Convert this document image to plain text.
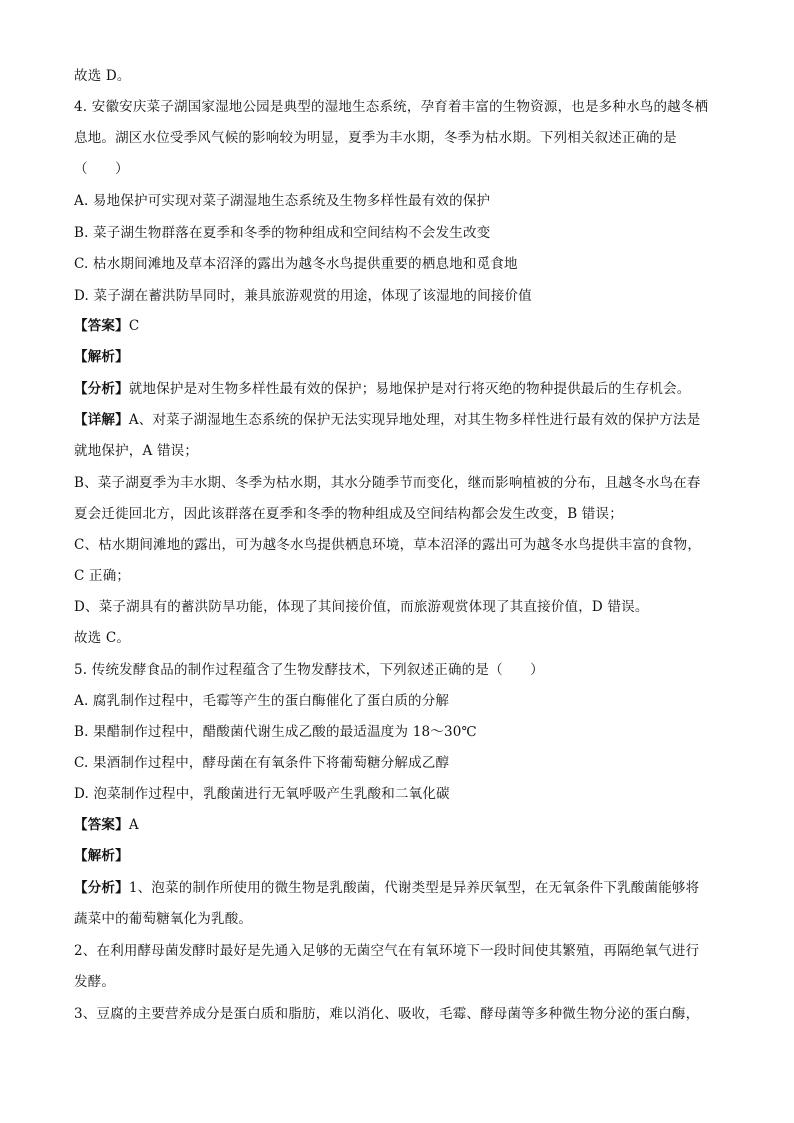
故选 D。
4. 安徽安庆菜子湖国家湿地公园是典型的湿地生态系统，孕育着丰富的生物资源，也是多种水鸟的越冬栖
息地。湖区水位受季风气候的影响较为明显，夏季为丰水期，冬季为枯水期。下列相关叙述正确的是
（　　）
A. 易地保护可实现对菜子湖湿地生态系统及生物多样性最有效的保护
B. 菜子湖生物群落在夏季和冬季的物种组成和空间结构不会发生改变
C. 枯水期间滩地及草本沼泽的露出为越冬水鸟提供重要的栖息地和觅食地
D. 菜子湖在蓄洪防旱同时，兼具旅游观赏的用途，体现了该湿地的间接价值
【答案】C
【解析】
【分析】就地保护是对生物多样性最有效的保护；易地保护是对行将灭绝的物种提供最后的生存机会。
【详解】A、对菜子湖湿地生态系统的保护无法实现异地处理，对其生物多样性进行最有效的保护方法是
就地保护，A 错误；
B、菜子湖夏季为丰水期、冬季为枯水期，其水分随季节而变化，继而影响植被的分布，且越冬水鸟在春
夏会迁徙回北方，因此该群落在夏季和冬季的物种组成及空间结构都会发生改变，B 错误；
C、枯水期间滩地的露出，可为越冬水鸟提供栖息环境，草本沼泽的露出可为越冬水鸟提供丰富的食物，
C 正确；
D、菜子湖具有的蓄洪防旱功能，体现了其间接价值，而旅游观赏体现了其直接价值，D 错误。
故选 C。
5. 传统发酵食品的制作过程蕴含了生物发酵技术，下列叙述正确的是（　　）
A. 腐乳制作过程中，毛霉等产生的蛋白酶催化了蛋白质的分解
B. 果醋制作过程中，醋酸菌代谢生成乙酸的最适温度为 18～30℃
C. 果酒制作过程中，酵母菌在有氧条件下将葡萄糖分解成乙醇
D. 泡菜制作过程中，乳酸菌进行无氧呼吸产生乳酸和二氧化碳
【答案】A
【解析】
【分析】1、泡菜的制作所使用的微生物是乳酸菌，代谢类型是异养厌氧型，在无氧条件下乳酸菌能够将
蔬菜中的葡萄糖氧化为乳酸。
2、在利用酵母菌发酵时最好是先通入足够的无菌空气在有氧环境下一段时间使其繁殖，再隔绝氧气进行
发酵。
3、豆腐的主要营养成分是蛋白质和脂肪，难以消化、吸收，毛霉、酵母菌等多种微生物分泌的蛋白酶，
